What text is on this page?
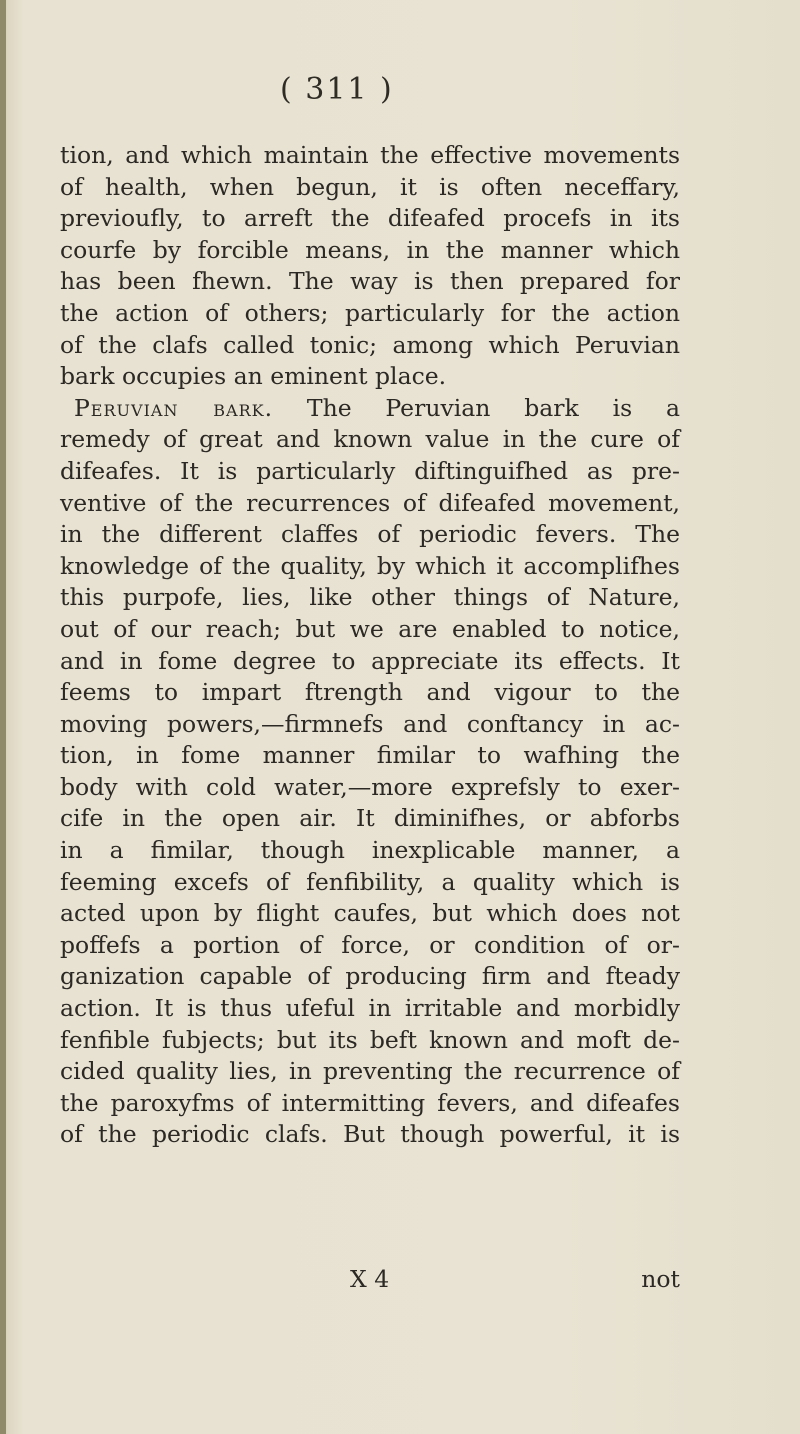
( 311 )
tion, and which maintain the effective movements
of health, when begun, it is often neceffary,
previoufly, to arreft the difeafed procefs in its
courfe by forcible means, in the manner which
has been fhewn. The way is then prepared for
the action of others; particularly for the action
of the clafs called tonic; among which Peruvian
bark occupies an eminent place.
Peruvian bark. The Peruvian bark is a
remedy of great and known value in the cure of
difeafes. It is particularly diftinguifhed as pre-
ventive of the recurrences of difeafed movement,
in the different claffes of periodic fevers. The
knowledge of the quality, by which it accomplifhes
this purpofe, lies, like other things of Nature,
out of our reach; but we are enabled to notice,
and in fome degree to appreciate its effects. It
feems to impart ftrength and vigour to the
moving powers,—firmnefs and conftancy in ac-
tion, in fome manner fimilar to wafhing the
body with cold water,—more exprefsly to exer-
cife in the open air. It diminifhes, or abforbs
in a fimilar, though inexplicable manner, a
feeming excefs of fenfibility, a quality which is
acted upon by flight caufes, but which does not
poffefs a portion of force, or condition of or-
ganization capable of producing firm and fteady
action. It is thus ufeful in irritable and morbidly
fenfible fubjects; but its beft known and moft de-
cided quality lies, in preventing the recurrence of
the paroxyfms of intermitting fevers, and difeafes
of the periodic clafs. But though powerful, it is
X 4	not
